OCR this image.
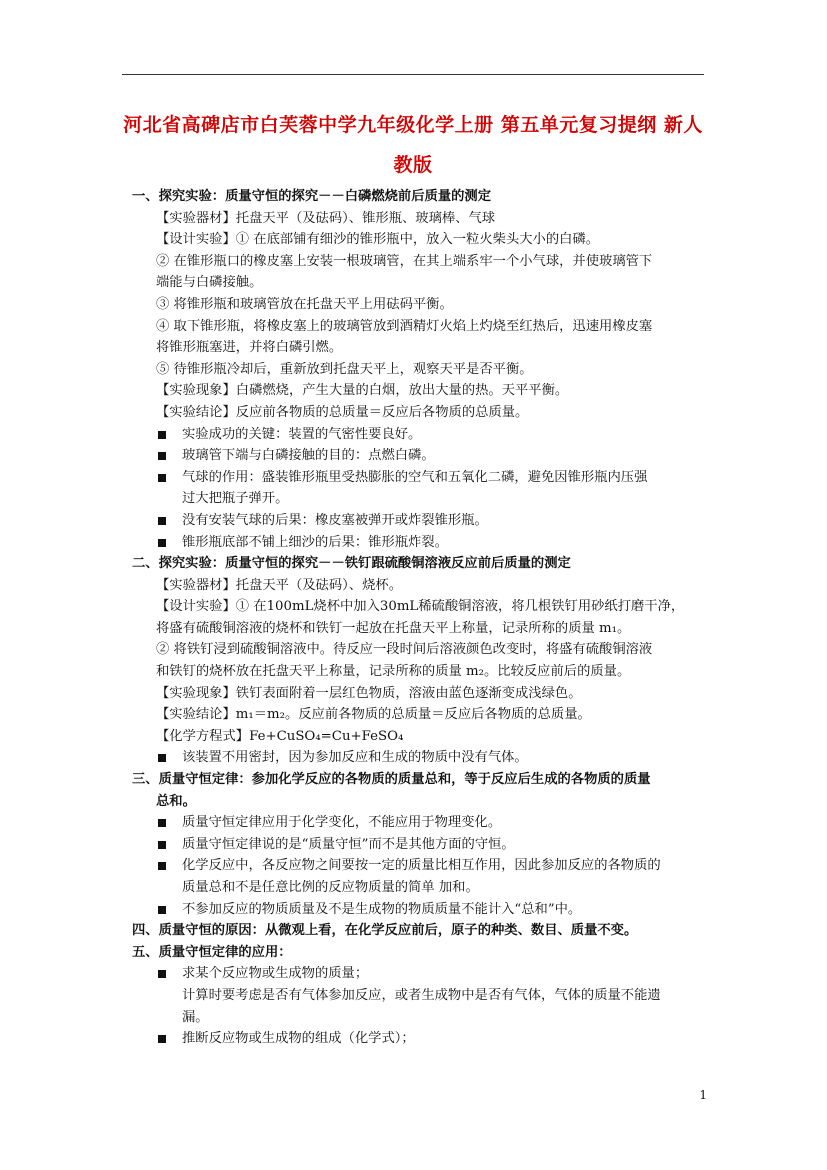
河北省高碑店市白芙蓉中学九年级化学上册 第五单元复习提纲 新人
教版
一、探究实验：质量守恒的探究－－白磷燃烧前后质量的测定
【实验器材】托盘天平（及砝码）、锥形瓶、玻璃棒、气球
【设计实验】① 在底部铺有细沙的锥形瓶中，放入一粒火柴头大小的白磷。
② 在锥形瓶口的橡皮塞上安装一根玻璃管，在其上端系牢一个小气球，并使玻璃管下
端能与白磷接触。
③ 将锥形瓶和玻璃管放在托盘天平上用砝码平衡。
④ 取下锥形瓶，将橡皮塞上的玻璃管放到酒精灯火焰上灼烧至红热后，迅速用橡皮塞
将锥形瓶塞进，并将白磷引燃。
⑤ 待锥形瓶冷却后，重新放到托盘天平上，观察天平是否平衡。
【实验现象】白磷燃烧，产生大量的白烟，放出大量的热。天平平衡。
【实验结论】反应前各物质的总质量＝反应后各物质的总质量。
实验成功的关键：装置的气密性要良好。
玻璃管下端与白磷接触的目的：点燃白磷。
气球的作用：盛装锥形瓶里受热膨胀的空气和五氧化二磷，避免因锥形瓶内压强
过大把瓶子弹开。
没有安装气球的后果：橡皮塞被弹开或炸裂锥形瓶。
锥形瓶底部不铺上细沙的后果：锥形瓶炸裂。
二、探究实验：质量守恒的探究－－铁钉跟硫酸铜溶液反应前后质量的测定
【实验器材】托盘天平（及砝码）、烧杯。
【设计实验】① 在100mL烧杯中加入30mL稀硫酸铜溶液，将几根铁钉用砂纸打磨干净，
将盛有硫酸铜溶液的烧杯和铁钉一起放在托盘天平上称量，记录所称的质量 m₁。
② 将铁钉浸到硫酸铜溶液中。待反应一段时间后溶液颜色改变时，将盛有硫酸铜溶液
和铁钉的烧杯放在托盘天平上称量，记录所称的质量 m₂。比较反应前后的质量。
【实验现象】铁钉表面附着一层红色物质，溶液由蓝色逐渐变成浅绿色。
【实验结论】m₁＝m₂。反应前各物质的总质量＝反应后各物质的总质量。
【化学方程式】Fe+CuSO₄=Cu+FeSO₄
该装置不用密封，因为参加反应和生成的物质中没有气体。
三、质量守恒定律：参加化学反应的各物质的质量总和，等于反应后生成的各物质的质量
总和。
质量守恒定律应用于化学变化，不能应用于物理变化。
质量守恒定律说的是“质量守恒”而不是其他方面的守恒。
化学反应中，各反应物之间要按一定的质量比相互作用，因此参加反应的各物质的
质量总和不是任意比例的反应物质量的简单 加和。
不参加反应的物质质量及不是生成物的物质质量不能计入“总和”中。
四、质量守恒的原因：从微观上看，在化学反应前后，原子的种类、数目、质量不变。
五、质量守恒定律的应用：
求某个反应物或生成物的质量；
计算时要考虑是否有气体参加反应，或者生成物中是否有气体，气体的质量不能遗
漏。
推断反应物或生成物的组成（化学式）；
1
